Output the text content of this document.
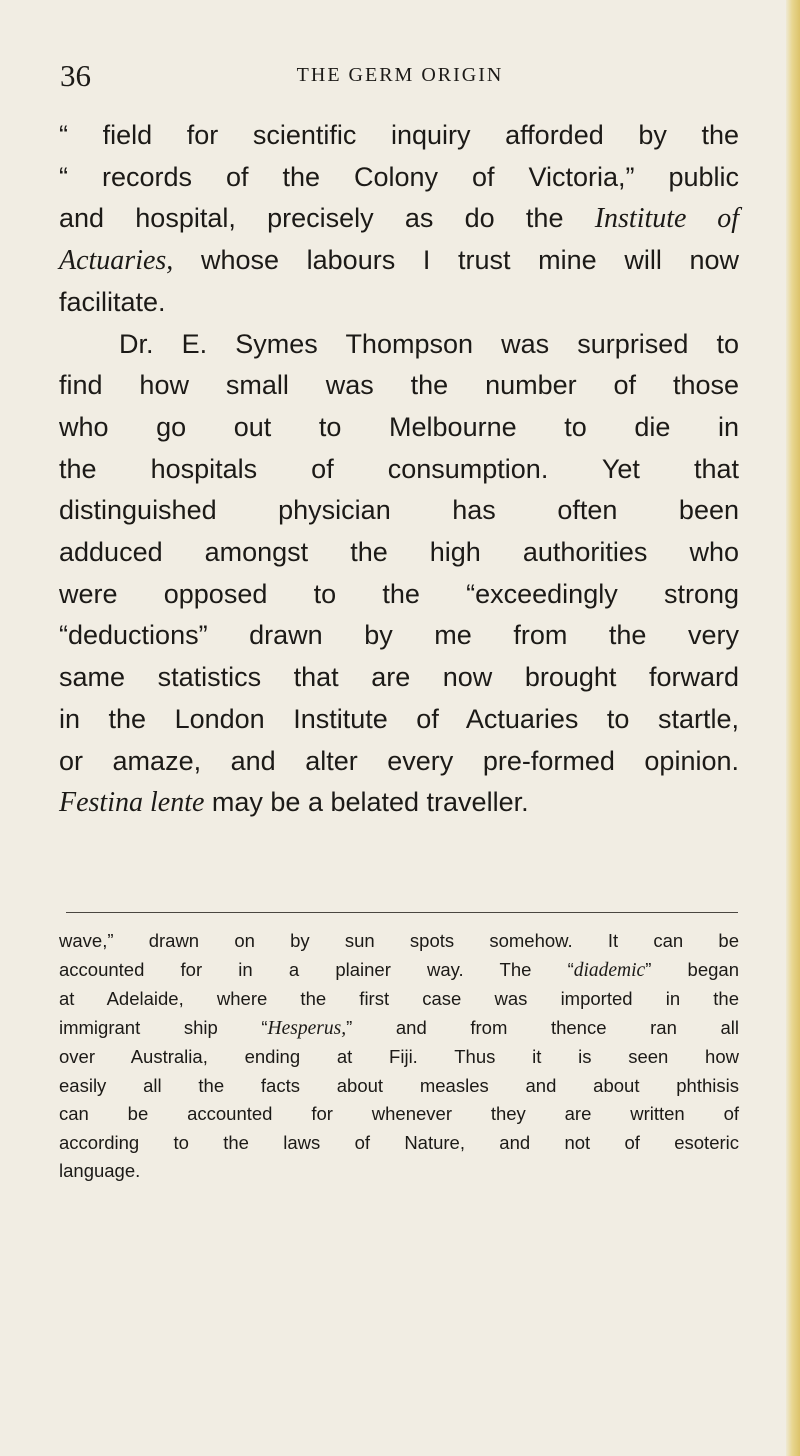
36	THE GERM ORIGIN
“ field for scientific inquiry afforded by the
“ records of the Colony of Victoria,” public
and hospital, precisely as do the Institute of
Actuaries, whose labours I trust mine will now
facilitate.
Dr. E. Symes Thompson was surprised to
find how small was the number of those
who go out to Melbourne to die in
the hospitals of consumption. Yet that
distinguished physician has often been
adduced amongst the high authorities who
were opposed to the “exceedingly strong
“deductions” drawn by me from the very
same statistics that are now brought forward
in the London Institute of Actuaries to startle,
or amaze, and alter every pre-formed opinion.
Festina lente may be a belated traveller.
wave,” drawn on by sun spots somehow. It can be
accounted for in a plainer way. The “diademic” began
at Adelaide, where the first case was imported in the
immigrant ship “Hesperus,” and from thence ran all
over Australia, ending at Fiji. Thus it is seen how
easily all the facts about measles and about phthisis
can be accounted for whenever they are written of
according to the laws of Nature, and not of esoteric
language.
